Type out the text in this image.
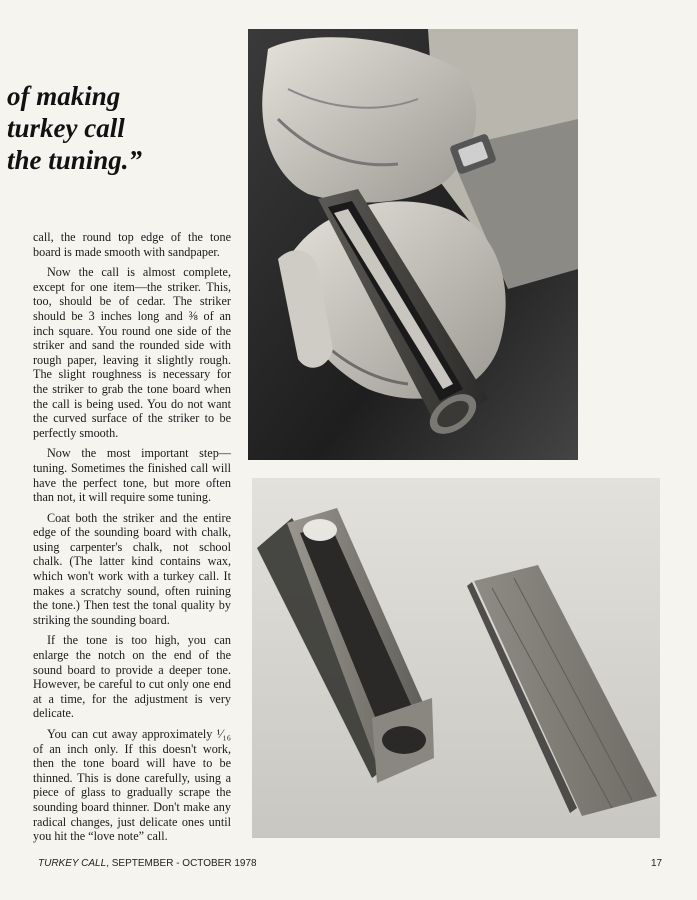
of making
turkey call
the tuning.”

call, the round top edge of the tone board is made smooth with sandpaper.

Now the call is almost complete, except for one item—the striker. This, too, should be of cedar. The striker should be 3 inches long and ⅜ of an inch square. You round one side of the striker and sand the rounded side with rough paper, leaving it slightly rough. The slight roughness is necessary for the striker to grab the tone board when the call is being used. You do not want the curved surface of the striker to be perfectly smooth.

Now the most important step—tuning. Sometimes the finished call will have the perfect tone, but more often than not, it will require some tuning.

Coat both the striker and the entire edge of the sounding board with chalk, using carpenter's chalk, not school chalk. (The latter kind contains wax, which won't work with a turkey call. It makes a scratchy sound, often ruining the tone.) Then test the tonal quality by striking the sounding board.

If the tone is too high, you can enlarge the notch on the end of the sound board to provide a deeper tone. However, be careful to cut only one end at a time, for the adjustment is very delicate.

You can cut away approximately ¹⁄₁₆ of an inch only. If this doesn't work, then the tone board will have to be thinned. This is done carefully, using a piece of glass to gradually scrape the sounding board thinner. Don't make any radical changes, just delicate ones until you hit the “love note” call.

TURKEY CALL, SEPTEMBER - OCTOBER 1978	17
